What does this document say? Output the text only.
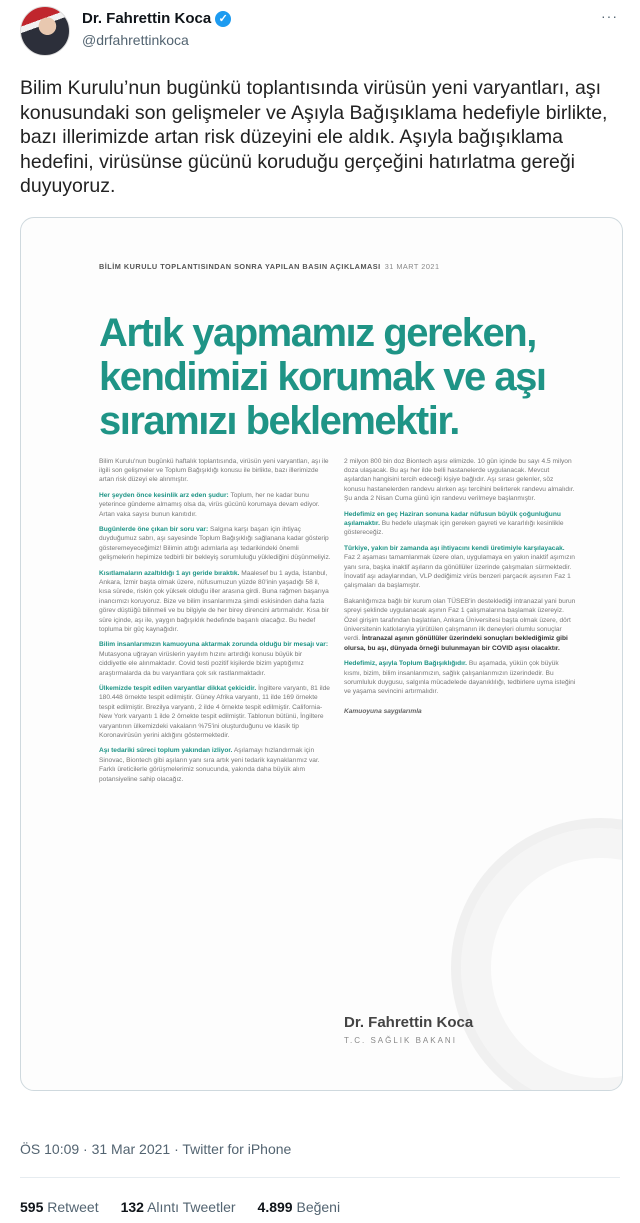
Dr. Fahrettin Koca ✓
@drfahrettinkoca
···
Bilim Kurulu’nun bugünkü toplantısında virüsün yeni varyantları, aşı konusundaki son gelişmeler ve Aşıyla Bağışıklama hedefiyle birlikte, bazı illerimizde artan risk düzeyini ele aldık. Aşıyla bağışıklama hedefini, virüsünse gücünü koruduğu gerçeğini hatırlatma gereği duyuyoruz.
BİLİM KURULU TOPLANTISINDAN SONRA YAPILAN BASIN AÇIKLAMASI 31 MART 2021
Artık yapmamız gereken, kendimizi korumak ve aşı sıramızı beklemektir.

Bilim Kurulu'nun bugünkü haftalık toplantısında, virüsün yeni varyantları, aşı ile ilgili son gelişmeler ve Toplum Bağışıklığı konusu ile birlikte, bazı illerimizde artan risk düzeyi ele alınmıştır.

Her şeyden önce kesinlik arz eden şudur: Toplum, her ne kadar bunu yeterince gündeme almamış olsa da, virüs gücünü korumaya devam ediyor. Artan vaka sayısı bunun kanıtıdır.

Bugünlerde öne çıkan bir soru var: Salgına karşı başarı için ihtiyaç duyduğumuz sabrı, aşı sayesinde Toplum Bağışıklığı sağlanana kadar gösterip gösteremeyeceğimiz! Bilimin attığı adımlarla aşı tedarikindeki önemli gelişmelerin hepimize tedbirli bir bekleyiş sorumluluğu yüklediğini düşünmeliyiz.

Kısıtlamaların azaltıldığı 1 ayı geride bıraktık. Maalesef bu 1 ayda, İstanbul, Ankara, İzmir başta olmak üzere, nüfusumuzun yüzde 80'inin yaşadığı 58 il, kısa sürede, riskin çok yüksek olduğu iller arasına girdi. Buna rağmen başarıya inancımızı koruyoruz. Bize ve bilim insanlarımıza şimdi eskisinden daha fazla görev düştüğü bilinmeli ve bu bilgiyle de her birey direncini artırmalıdır. Kısa bir süre içinde, aşı ile, yaygın bağışıklık hedefinde başarılı olacağız. Bu hedef topluma bir güç kaynağıdır.

Bilim insanlarımızın kamuoyuna aktarmak zorunda olduğu bir mesajı var: Mutasyona uğrayan virüslerin yayılım hızını artırdığı konusu büyük bir ciddiyetle ele alınmaktadır. Covid testi pozitif kişilerde bizim yaptığımız araştırmalarda da bu varyantlara çok sık rastlanmaktadır.

Ülkemizde tespit edilen varyantlar dikkat çekicidir. İngiltere varyantı, 81 ilde 180.448 örnekte tespit edilmiştir. Güney Afrika varyantı, 11 ilde 169 örnekte tespit edilmiştir. Brezilya varyantı, 2 ilde 4 örnekte tespit edilmiştir. California-New York varyantı 1 ilde 2 örnekte tespit edilmiştir. Tablonun bütünü, İngiltere varyantının ülkemizdeki vakaların %75'ini oluşturduğunu ve klasik tip Koronavirüsün yerini aldığını göstermektedir.

Aşı tedariki süreci toplum yakından izliyor. Aşılamayı hızlandırmak için Sinovac, Biontech gibi aşıların yanı sıra artık yeni tedarik kaynaklarımız var. Farklı üreticilerle görüşmelerimiz sonucunda, yakında daha büyük alım potansiyeline sahip olacağız.

2 milyon 800 bin doz Biontech aşısı elimizde. 10 gün içinde bu sayı 4.5 milyon doza ulaşacak. Bu aşı her ilde belli hastanelerde uygulanacak. Mevcut aşılardan hangisini tercih edeceği kişiye bağlıdır. Aşı sırası gelenler, söz konusu hastanelerden randevu alırken aşı tercihini belirterek randevu almalıdır. Şu anda 2 Nisan Cuma günü için randevu verilmeye başlanmıştır.

Hedefimiz en geç Haziran sonuna kadar nüfusun büyük çoğunluğunu aşılamaktır. Bu hedefe ulaşmak için gereken gayreti ve kararlılığı kesinlikle göstereceğiz.

Türkiye, yakın bir zamanda aşı ihtiyacını kendi üretimiyle karşılayacak. Faz 2 aşaması tamamlanmak üzere olan, uygulamaya en yakın inaktif aşımızın yanı sıra, başka inaktif aşıların da gönüllüler üzerinde çalışmaları sürmektedir. İnovatif aşı adaylarından, VLP dediğimiz virüs benzeri parçacık aşısının Faz 1 çalışmaları da başlamıştır.

Bakanlığımıza bağlı bir kurum olan TÜSEB'in desteklediği intranazal yani burun spreyi şeklinde uygulanacak aşının Faz 1 çalışmalarına başlamak üzereyiz. Özel girişim tarafından başlatılan, Ankara Üniversitesi başta olmak üzere, dört üniversitenin katkılarıyla yürütülen çalışmanın ilk deneyleri olumlu sonuçlar verdi. İntranazal aşının gönüllüler üzerindeki sonuçları beklediğimiz gibi olursa, bu aşı, dünyada örneği bulunmayan bir COVID aşısı olacaktır.

Hedefimiz, aşıyla Toplum Bağışıklığıdır. Bu aşamada, yükün çok büyük kısmı, bizim, bilim insanlarımızın, sağlık çalışanlarımızın üzerindedir. Bu sorumluluk duygusu, salgınla mücadelede dayanıklılığı, tedbirlere uyma isteğini ve yaşama sevincini artırmalıdır.

Kamuoyuna saygılarımla

Dr. Fahrettin Koca
T.C. SAĞLIK BAKANI
ÖS 10:09 · 31 Mar 2021 · Twitter for iPhone
595 Retweet 132 Alıntı Tweetler 4.899 Beğeni
